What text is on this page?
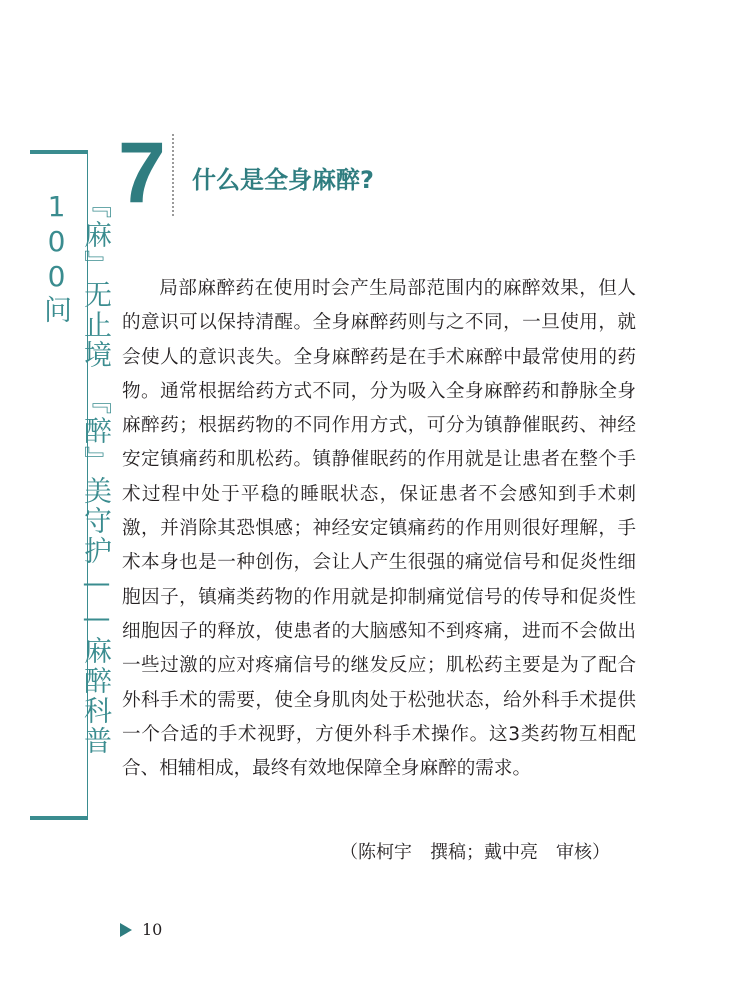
『麻』无止境　『醉』美守护——麻醉科普100问
7 什么是全身麻醉?

局部麻醉药在使用时会产生局部范围内的麻醉效果，但人的意识可以保持清醒。全身麻醉药则与之不同，一旦使用，就会使人的意识丧失。全身麻醉药是在手术麻醉中最常使用的药物。通常根据给药方式不同，分为吸入全身麻醉药和静脉全身麻醉药；根据药物的不同作用方式，可分为镇静催眠药、神经安定镇痛药和肌松药。镇静催眠药的作用就是让患者在整个手术过程中处于平稳的睡眠状态，保证患者不会感知到手术刺激，并消除其恐惧感；神经安定镇痛药的作用则很好理解，手术本身也是一种创伤，会让人产生很强的痛觉信号和促炎性细胞因子，镇痛类药物的作用就是抑制痛觉信号的传导和促炎性细胞因子的释放，使患者的大脑感知不到疼痛，进而不会做出一些过激的应对疼痛信号的继发反应；肌松药主要是为了配合外科手术的需要，使全身肌肉处于松弛状态，给外科手术提供一个合适的手术视野，方便外科手术操作。这3类药物互相配合、相辅相成，最终有效地保障全身麻醉的需求。

（陈柯宇　撰稿；戴中亮　审核）
10
